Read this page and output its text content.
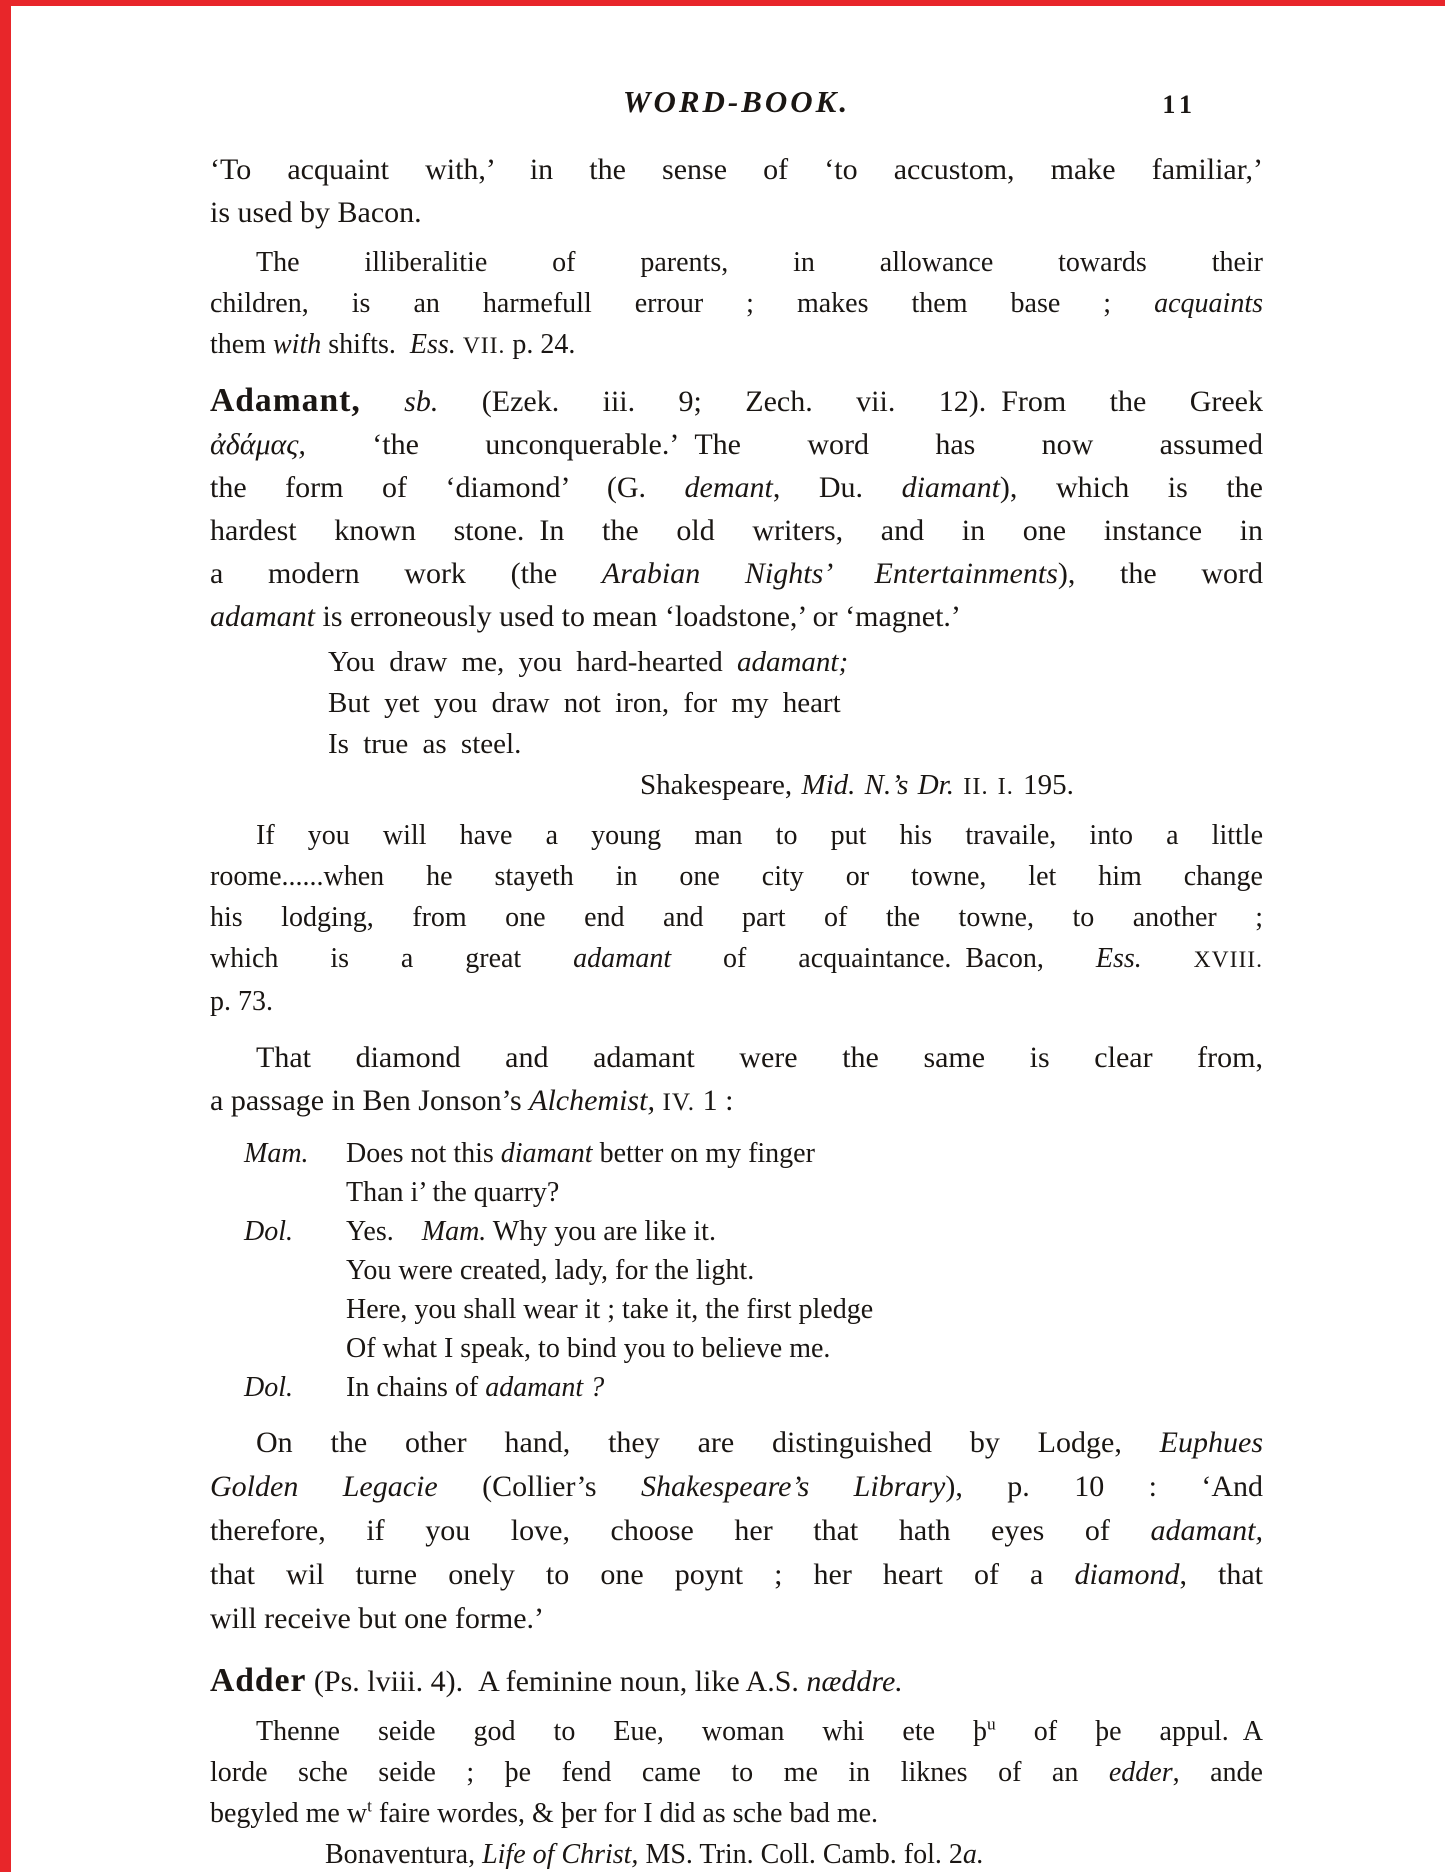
WORD-BOOK.	11
‘To acquaint with,’ in the sense of ‘to accustom, make familiar,’
is used by Bacon.
The illiberalitie of parents, in allowance towards their
children, is an harmefull errour ; makes them base ; acquaints
them with shifts. Ess. VII. p. 24.
Adamant, sb. (Ezek. iii. 9; Zech. vii. 12). From the Greek
ἀδάμας, ‘the unconquerable.’ The word has now assumed
the form of ‘diamond’ (G. demant, Du. diamant), which is the
hardest known stone. In the old writers, and in one instance in
a modern work (the Arabian Nights’ Entertainments), the word
adamant is erroneously used to mean ‘loadstone,’ or ‘magnet.’
You draw me, you hard-hearted adamant;
But yet you draw not iron, for my heart
Is true as steel.
Shakespeare, Mid. N.’s Dr. II. I. 195.
If you will have a young man to put his travaile, into a little
roome......when he stayeth in one city or towne, let him change
his lodging, from one end and part of the towne, to another ;
which is a great adamant of acquaintance. Bacon, Ess. XVIII.
p. 73.
That diamond and adamant were the same is clear from,
a passage in Ben Jonson’s Alchemist, IV. 1 :
Mam.	Does not this diamant better on my finger
Than i’ the quarry?
Dol.	Yes. Mam. Why you are like it.
You were created, lady, for the light.
Here, you shall wear it ; take it, the first pledge
Of what I speak, to bind you to believe me.
Dol.	In chains of adamant ?
On the other hand, they are distinguished by Lodge, Euphues
Golden Legacie (Collier’s Shakespeare’s Library), p. 10 : ‘And
therefore, if you love, choose her that hath eyes of adamant,
that wil turne onely to one poynt ; her heart of a diamond, that
will receive but one forme.’
Adder (Ps. lviii. 4). A feminine noun, like A.S. næddre.
Thenne seide god to Eue, woman whi ete $þ^u$ of þe appul. A
lorde sche seide ; þe fend came to me in liknes of an edder, ande
begyled me $w^t$ faire wordes, & þer for I did as sche bad me.
Bonaventura, Life of Christ, MS. Trin. Coll. Camb. fol. 2a.
